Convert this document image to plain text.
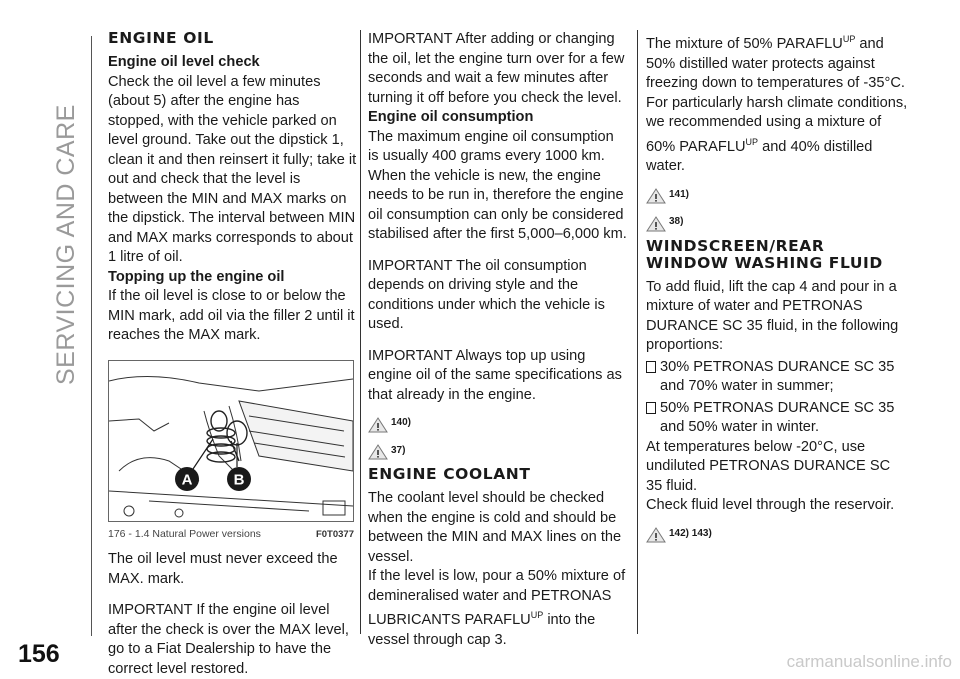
SERVICING AND CARE

ENGINE OIL

Engine oil level check

Check the oil level a few minutes (about 5) after the engine has stopped, with the vehicle parked on level ground. Take out the dipstick 1, clean it and then reinsert it fully; take it out and check that the level is between the MIN and MAX marks on the dipstick. The interval between MIN and MAX marks corresponds to about 1 litre of oil.

Topping up the engine oil

If the oil level is close to or below the MIN mark, add oil via the filler 2 until it reaches the MAX mark.

A	B
176 - 1.4 Natural Power versions	F0T0377

The oil level must never exceed the MAX. mark.

IMPORTANT If the engine oil level after the check is over the MAX level, go to a Fiat Dealership to have the correct level restored.

IMPORTANT After adding or changing the oil, let the engine turn over for a few seconds and wait a few minutes after turning it off before you check the level.

Engine oil consumption

The maximum engine oil consumption is usually 400 grams every 1000 km. When the vehicle is new, the engine needs to be run in, therefore the engine oil consumption can only be considered stabilised after the first 5,000–6,000 km.

IMPORTANT The oil consumption depends on driving style and the conditions under which the vehicle is used.

IMPORTANT Always top up using engine oil of the same specifications as that already in the engine.

140)
37)

ENGINE COOLANT

The coolant level should be checked when the engine is cold and should be between the MIN and MAX lines on the vessel.

If the level is low, pour a 50% mixture of demineralised water and PETRONAS LUBRICANTS $PARAFLU^{UP}$ into the vessel through cap 3.

The mixture of 50% $PARAFLU^{UP}$ and 50% distilled water protects against freezing down to temperatures of -35°C. For particularly harsh climate conditions, we recommended using a mixture of 60% $PARAFLU^{UP}$ and 40% distilled water.

141)
38)

WINDSCREEN/REAR
WINDOW WASHING FLUID

To add fluid, lift the cap 4 and pour in a mixture of water and PETRONAS DURANCE SC 35 fluid, in the following proportions:

30% PETRONAS DURANCE SC 35 and 70% water in summer;
50% PETRONAS DURANCE SC 35 and 50% water in winter.

At temperatures below -20°C, use undiluted PETRONAS DURANCE SC 35 fluid.

Check fluid level through the reservoir.

142) 143)
156	carmanualsonline.info
